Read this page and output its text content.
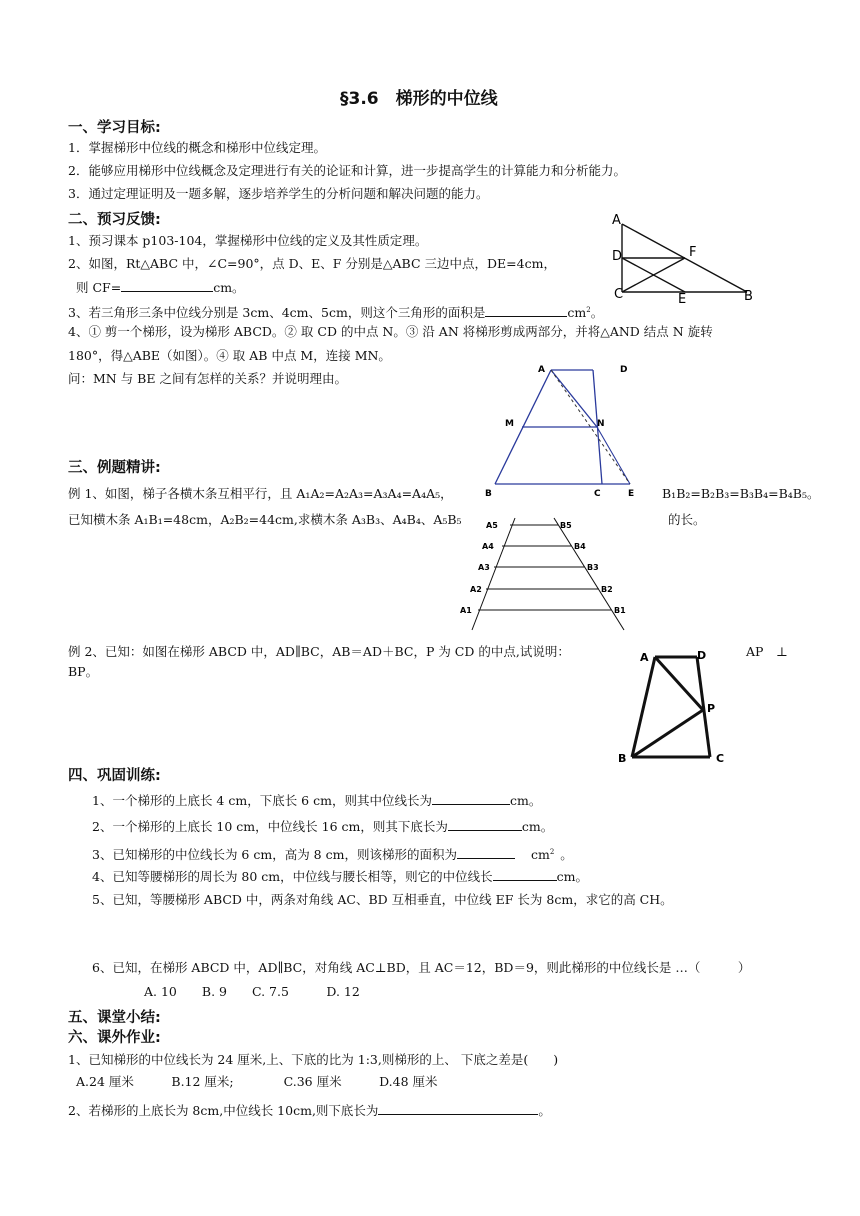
§3.6　梯形的中位线
一、学习目标:
1．掌握梯形中位线的概念和梯形中位线定理。
2．能够应用梯形中位线概念及定理进行有关的论证和计算，进一步提高学生的计算能力和分析能力。
3．通过定理证明及一题多解，逐步培养学生的分析问题和解决问题的能力。
二、预习反馈:
1、预习课本 p103-104，掌握梯形中位线的定义及其性质定理。
2、如图，Rt△ABC 中，∠C=90°，点 D、E、F 分别是△ABC 三边中点，DE=4cm，
则 CF=	cm。
3、若三角形三条中位线分别是 3cm、4cm、5cm，则这个三角形的面积是	$cm^2$。
4、① 剪一个梯形，设为梯形 ABCD。② 取 CD 的中点 N。③ 沿 AN 将梯形剪成两部分，并将△AND 结点 N 旋转
180°，得△ABE（如图）。④ 取 AB 中点 M，连接 MN。
问：MN 与 BE 之间有怎样的关系？并说明理由。
A
D	F
C	E	B
A	D
M	N
B	C	E
三、例题精讲:
例 1、如图，梯子各横木条互相平行，且 A₁A₂=A₂A₃=A₃A₄=A₄A₅，	B₁B₂=B₂B₃=B₃B₄=B₄B₅。
已知横木条 A₁B₁=48cm，A₂B₂=44cm,求横木条 A₃B₃、A₄B₄、A₅B₅	的长。
A1
A2
A3
A4
A5
B1
B2
B3
B4
B5
例 2、已知：如图在梯形 ABCD 中，AD∥BC，AB＝AD＋BC，P 为 CD 的中点,试说明：	AP　⊥
BP。
A	D
P
B	C
四、巩固训练:
1、一个梯形的上底长 4 cm，下底长 6 cm，则其中位线长为	cm。
2、一个梯形的上底长 10 cm，中位线长 16 cm，则其下底长为	cm。
3、已知梯形的中位线长为 6 cm，高为 8 cm，则该梯形的面积为	$cm^2$ 。
4、已知等腰梯形的周长为 80 cm，中位线与腰长相等，则它的中位线长	cm。
5、已知，等腰梯形 ABCD 中，两条对角线 AC、BD 互相垂直，中位线 EF 长为 8cm，求它的高 CH。
6、已知，在梯形 ABCD 中，AD∥BC，对角线 AC⊥BD，且 AC＝12，BD＝9，则此梯形的中位线长是 …（　　　）
A. 10　　B. 9　　C. 7.5　　　D. 12
五、课堂小结:
六、课外作业:
1、已知梯形的中位线长为 24 厘米,上、下底的比为 1:3,则梯形的上、 下底之差是(　　)
A.24 厘米　　　B.12 厘米;　　　　C.36 厘米　　　D.48 厘米
2、若梯形的上底长为 8cm,中位线长 10cm,则下底长为	。
